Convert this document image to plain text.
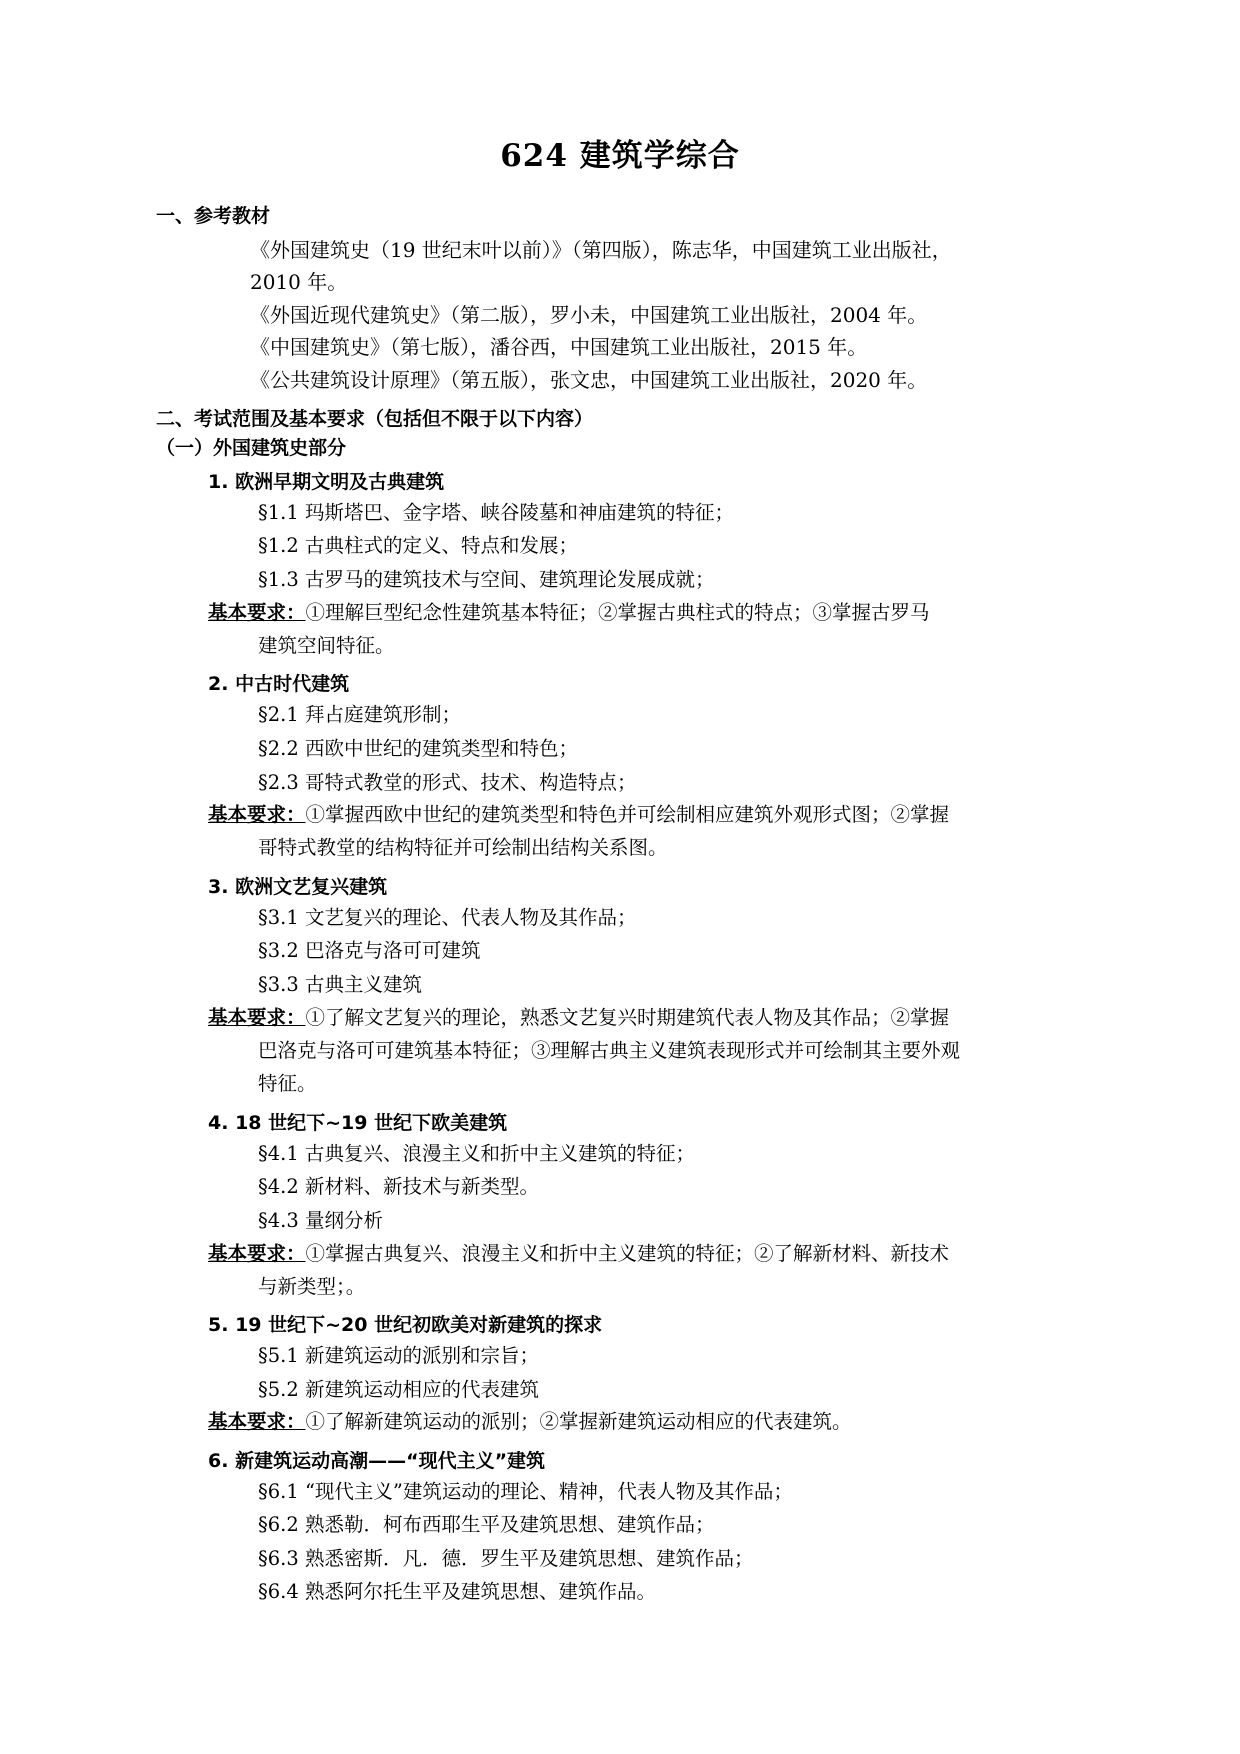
624 建筑学综合
一、参考教材
《外国建筑史（19 世纪末叶以前）》（第四版），陈志华，中国建筑工业出版社，
2010 年。
《外国近现代建筑史》（第二版），罗小未，中国建筑工业出版社，2004 年。
《中国建筑史》（第七版），潘谷西，中国建筑工业出版社，2015 年。
《公共建筑设计原理》（第五版），张文忠，中国建筑工业出版社，2020 年。
二、考试范围及基本要求（包括但不限于以下内容）
（一）外国建筑史部分
1. 欧洲早期文明及古典建筑
§1.1 玛斯塔巴、金字塔、峡谷陵墓和神庙建筑的特征；
§1.2 古典柱式的定义、特点和发展；
§1.3 古罗马的建筑技术与空间、建筑理论发展成就；
基本要求：①理解巨型纪念性建筑基本特征；②掌握古典柱式的特点；③掌握古罗马
建筑空间特征。
2. 中古时代建筑
§2.1 拜占庭建筑形制；
§2.2 西欧中世纪的建筑类型和特色；
§2.3 哥特式教堂的形式、技术、构造特点；
基本要求：①掌握西欧中世纪的建筑类型和特色并可绘制相应建筑外观形式图；②掌握
哥特式教堂的结构特征并可绘制出结构关系图。
3. 欧洲文艺复兴建筑
§3.1 文艺复兴的理论、代表人物及其作品；
§3.2 巴洛克与洛可可建筑
§3.3 古典主义建筑
基本要求：①了解文艺复兴的理论，熟悉文艺复兴时期建筑代表人物及其作品；②掌握
巴洛克与洛可可建筑基本特征；③理解古典主义建筑表现形式并可绘制其主要外观
特征。
4. 18 世纪下~19 世纪下欧美建筑
§4.1 古典复兴、浪漫主义和折中主义建筑的特征；
§4.2 新材料、新技术与新类型。
§4.3 量纲分析
基本要求：①掌握古典复兴、浪漫主义和折中主义建筑的特征；②了解新材料、新技术
与新类型；。
5. 19 世纪下~20 世纪初欧美对新建筑的探求
§5.1 新建筑运动的派别和宗旨；
§5.2 新建筑运动相应的代表建筑
基本要求：①了解新建筑运动的派别；②掌握新建筑运动相应的代表建筑。
6. 新建筑运动高潮——“现代主义”建筑
§6.1 “现代主义”建筑运动的理论、精神，代表人物及其作品；
§6.2 熟悉勒．柯布西耶生平及建筑思想、建筑作品；
§6.3 熟悉密斯．凡．德．罗生平及建筑思想、建筑作品；
§6.4 熟悉阿尔托生平及建筑思想、建筑作品。
